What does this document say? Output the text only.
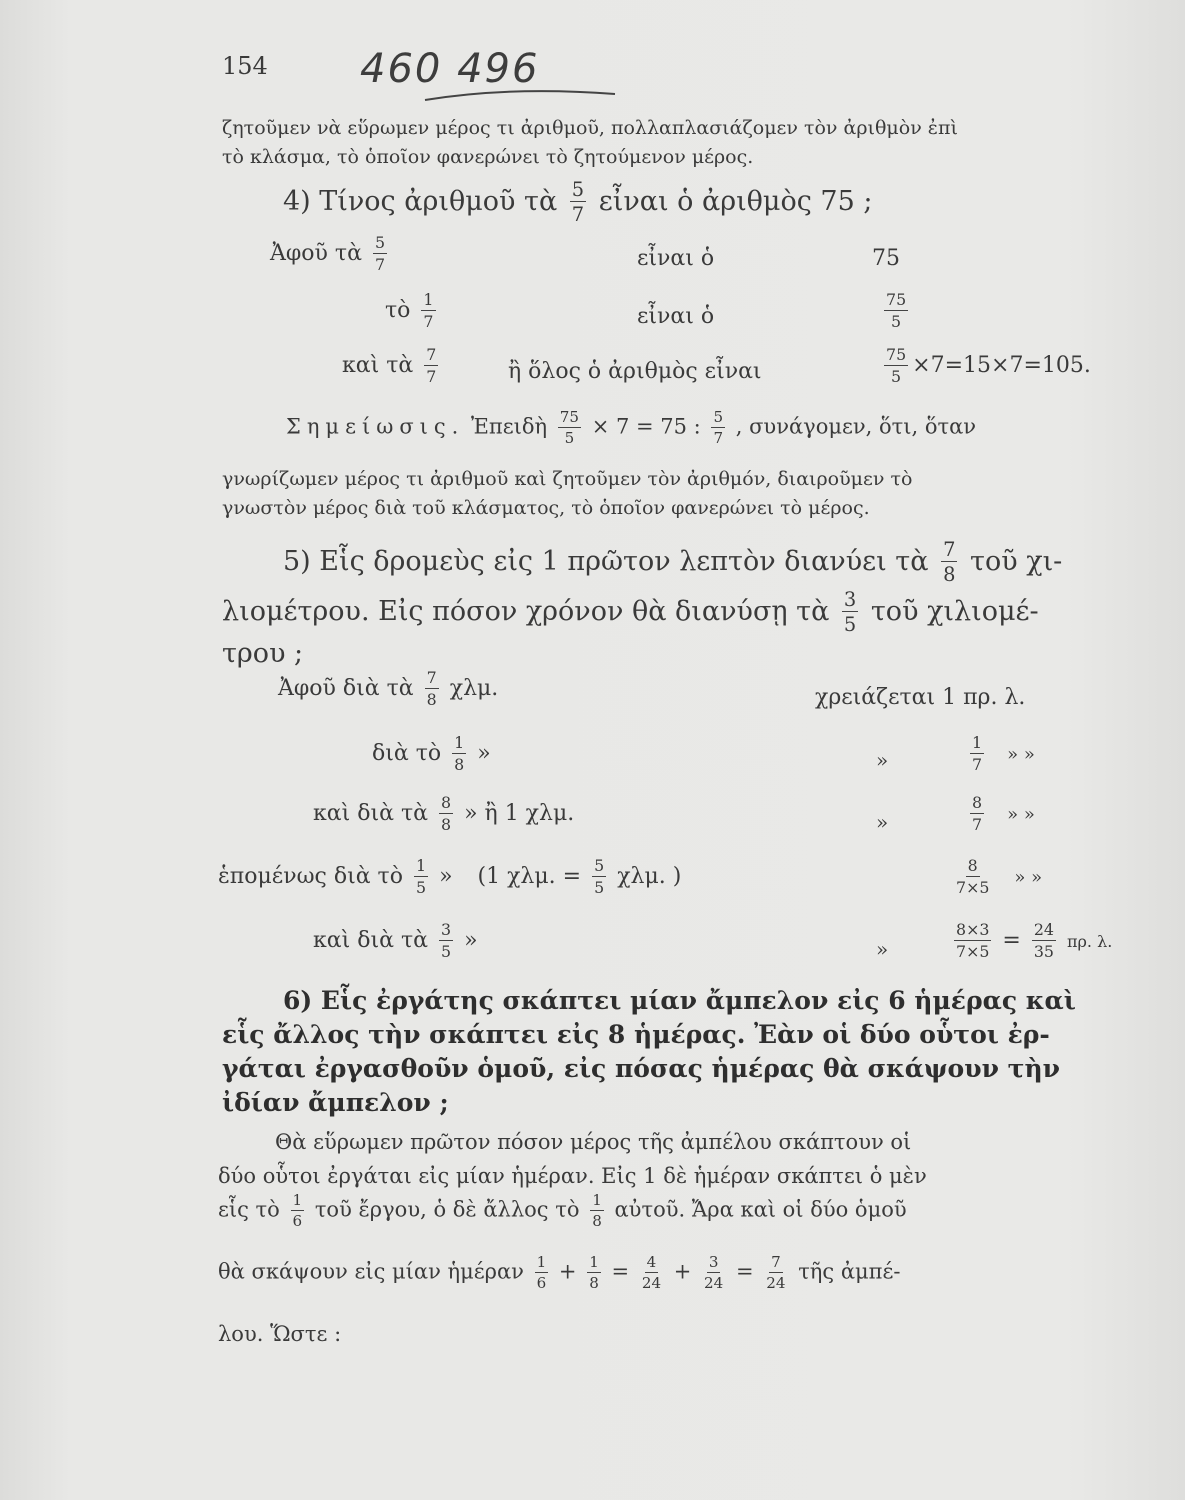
154 460 496
ζητοῦμεν νὰ εὕρωμεν μέρος τι ἀριθμοῦ, πολλαπλασιάζομεν τὸν ἀριθμὸν ἐπὶ
τὸ κλάσμα, τὸ ὁποῖον φανερώνει τὸ ζητούμενον μέρος.
4) Τίνος ἀριθμοῦ τὰ $\frac{5}{7}$ εἶναι ὁ ἀριθμὸς 75 ;
Ἀφοῦ τὰ $\frac{5}{7}$	εἶναι ὁ	75
τὸ $\frac{1}{7}$	εἶναι ὁ	$\frac{75}{5}$
καὶ τὰ $\frac{7}{7}$	ἢ ὅλος ὁ ἀριθμὸς εἶναι	$\frac{75}{5} \times 7=15\times 7=105$.
Σημείωσις. Ἐπειδὴ $\frac{75}{5} \times 7 = 75$ : $\frac{5}{7}$ , συνάγομεν, ὅτι, ὅταν
γνωρίζωμεν μέρος τι ἀριθμοῦ καὶ ζητοῦμεν τὸν ἀριθμόν, διαιροῦμεν τὸ
γνωστὸν μέρος διὰ τοῦ κλάσματος, τὸ ὁποῖον φανερώνει τὸ μέρος.
5) Εἷς δρομεὺς εἰς 1 πρῶτον λεπτὸν διανύει τὰ $\frac{7}{8}$ τοῦ χι-
λιομέτρου. Εἰς πόσον χρόνον θὰ διανύσῃ τὰ $\frac{3}{5}$ τοῦ χιλιομέ-
τρου ;
Ἀφοῦ διὰ τὰ $\frac{7}{8} \chi\lambda\mu$.	χρειάζεται 1 πρ. λ.
διὰ τὸ $\frac{1}{8}$ »	»	$\frac{1}{7}$ » »
καὶ διὰ τὰ $\frac{8}{8}$ » ἢ 1 χλμ.	»	$\frac{8}{7}$ » »
ἑπομένως διὰ τὸ $\frac{1}{5}$ » (1 χλμ. = $\frac{5}{5} \chi\lambda\mu$. )	$\frac{8}{7\times 5}$ » »
καὶ διὰ τὰ $\frac{3}{5}$ »	»	$\frac{8\times 3}{7\times 5} = \frac{24}{35} \pi\rho$. λ.
6) Εἷς ἐργάτης σκάπτει μίαν ἄμπελον εἰς 6 ἡμέρας καὶ
εἷς ἄλλος τὴν σκάπτει εἰς 8 ἡμέρας. Ἐὰν οἱ δύο οὗτοι ἐρ-
γάται ἐργασθοῦν ὁμοῦ, εἰς πόσας ἡμέρας θὰ σκάψουν τὴν
ἰδίαν ἄμπελον ;
Θὰ εὕρωμεν πρῶτον πόσον μέρος τῆς ἀμπέλου σκάπτουν οἱ
δύο οὗτοι ἐργάται εἰς μίαν ἡμέραν. Εἰς 1 δὲ ἡμέραν σκάπτει ὁ μὲν
εἷς τὸ $\frac{1}{6}$ τοῦ ἔργου, ὁ δὲ ἄλλος τὸ $\frac{1}{8}$ αὐτοῦ. Ἄρα καὶ οἱ δύο ὁμοῦ
θὰ σκάψουν εἰς μίαν ἡμέραν $\frac{1}{6} + \frac{1}{8} = \frac{4}{24} + \frac{3}{24} = \frac{7}{24}$ τῆς ἀμπέ-
λου. Ὥστε :
